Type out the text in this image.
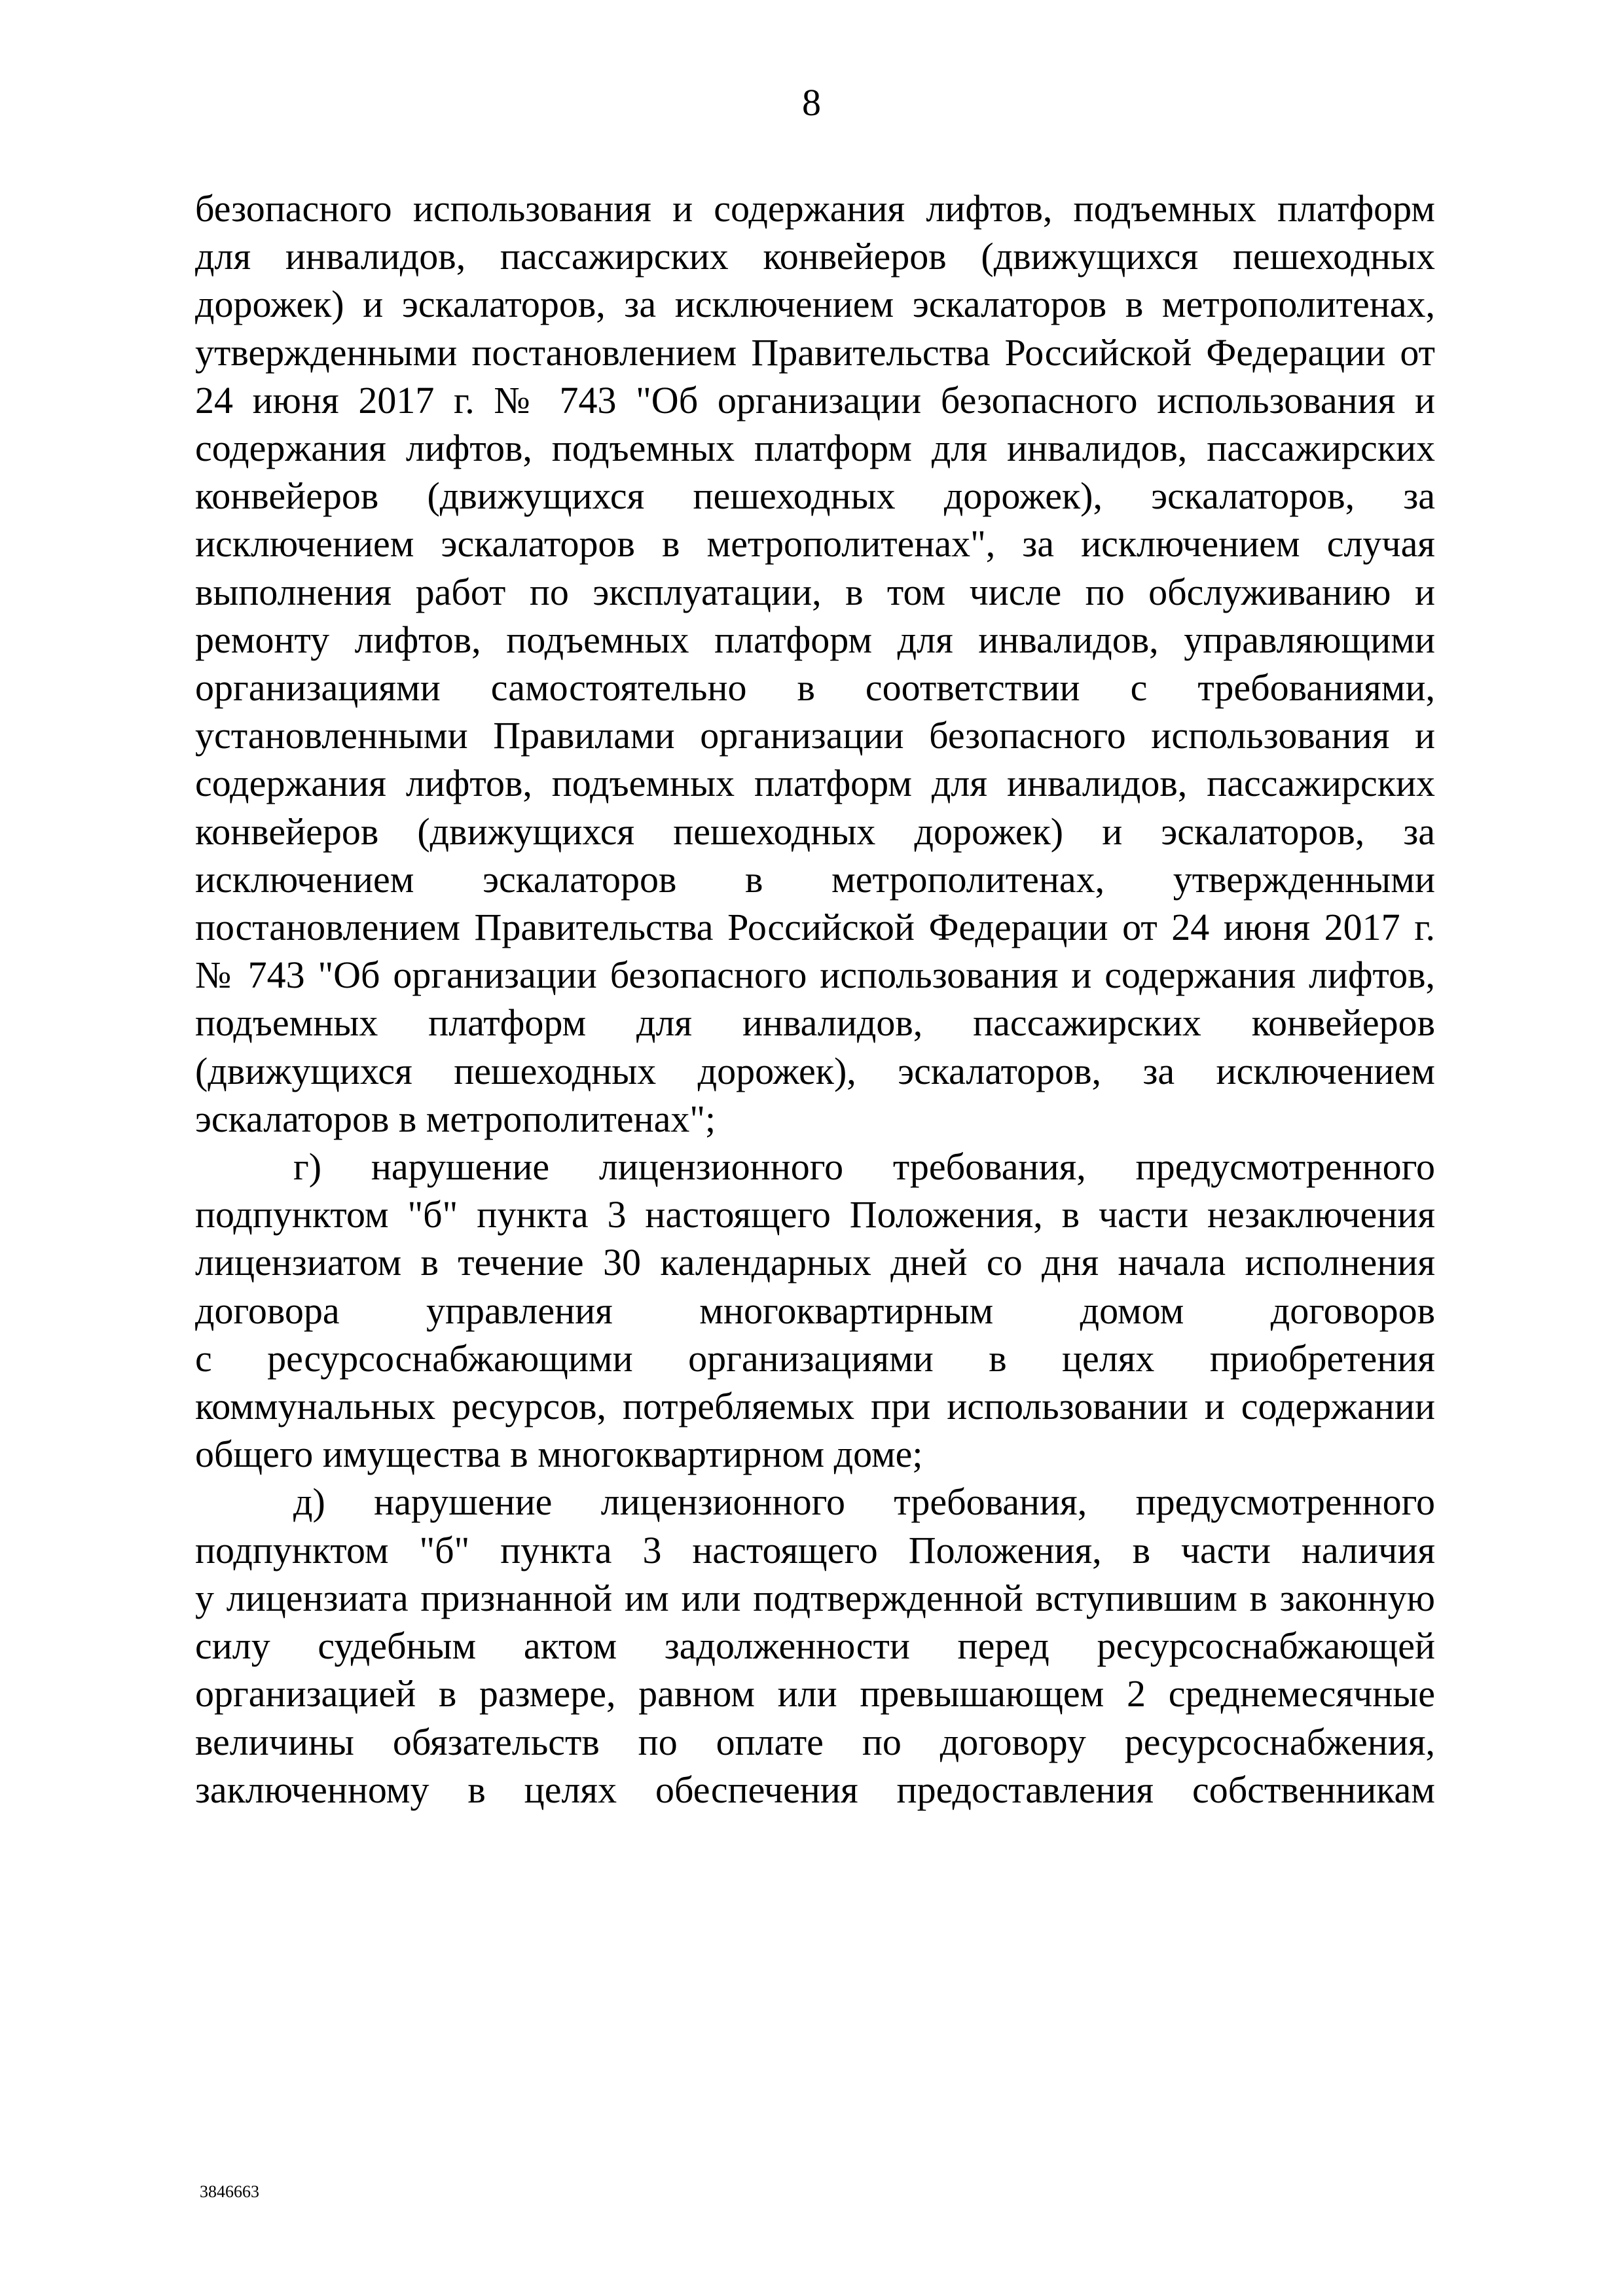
8
безопасного использования и содержания лифтов, подъемных платформ
для инвалидов, пассажирских конвейеров (движущихся пешеходных
дорожек) и эскалаторов, за исключением эскалаторов в метрополитенах,
утвержденными постановлением Правительства Российской Федерации от
24 июня 2017 г. № 743 "Об организации безопасного использования и
содержания лифтов, подъемных платформ для инвалидов, пассажирских
конвейеров (движущихся пешеходных дорожек), эскалаторов, за
исключением эскалаторов в метрополитенах", за исключением случая
выполнения работ по эксплуатации, в том числе по обслуживанию и
ремонту лифтов, подъемных платформ для инвалидов, управляющими
организациями самостоятельно в соответствии с требованиями,
установленными Правилами организации безопасного использования и
содержания лифтов, подъемных платформ для инвалидов, пассажирских
конвейеров (движущихся пешеходных дорожек) и эскалаторов, за
исключением эскалаторов в метрополитенах, утвержденными
постановлением Правительства Российской Федерации от 24 июня 2017 г.
№ 743 "Об организации безопасного использования и содержания лифтов,
подъемных платформ для инвалидов, пассажирских конвейеров
(движущихся пешеходных дорожек), эскалаторов, за исключением
эскалаторов в метрополитенах";
г) нарушение лицензионного требования, предусмотренного
подпунктом "б" пункта 3 настоящего Положения, в части незаключения
лицензиатом в течение 30 календарных дней со дня начала исполнения
договора управления многоквартирным домом договоров
с ресурсоснабжающими организациями в целях приобретения
коммунальных ресурсов, потребляемых при использовании и содержании
общего имущества в многоквартирном доме;
д) нарушение лицензионного требования, предусмотренного
подпунктом "б" пункта 3 настоящего Положения, в части наличия
у лицензиата признанной им или подтвержденной вступившим в законную
силу судебным актом задолженности перед ресурсоснабжающей
организацией в размере, равном или превышающем 2 среднемесячные
величины обязательств по оплате по договору ресурсоснабжения,
заключенному в целях обеспечения предоставления собственникам
3846663
